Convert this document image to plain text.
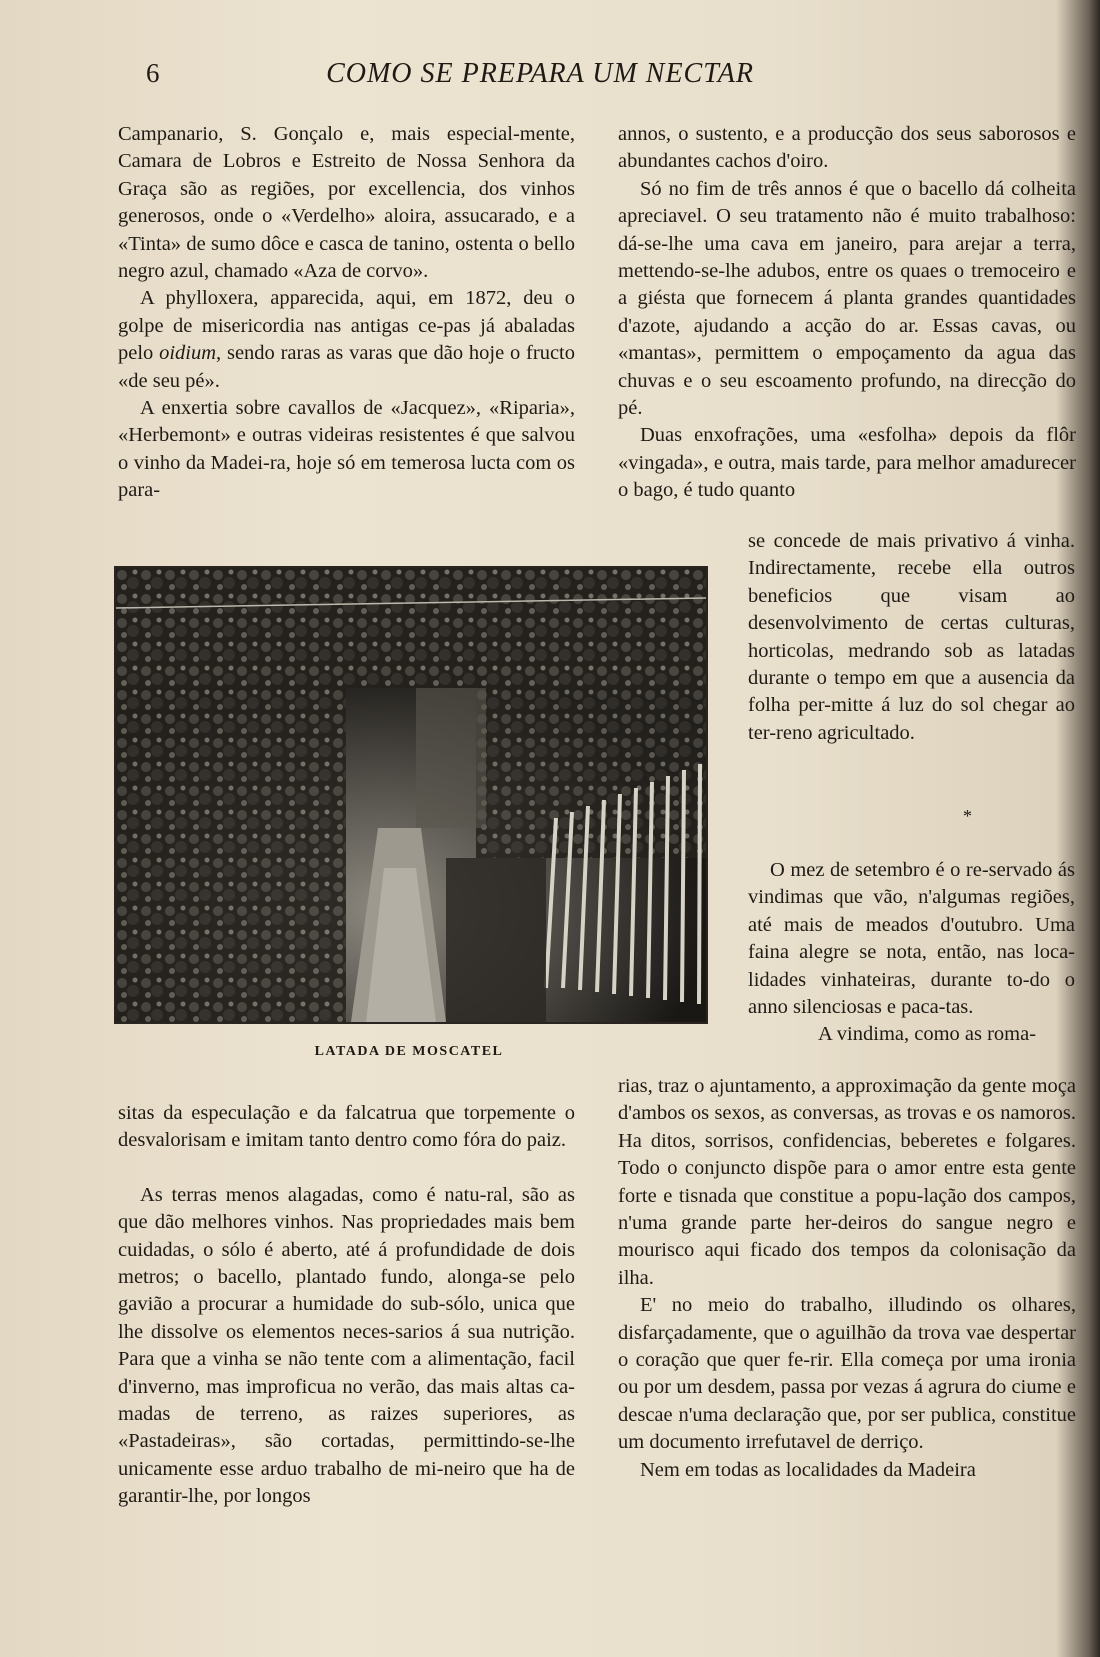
6	COMO SE PREPARA UM NECTAR

Campanario, S. Gonçalo e, mais especial-mente, Camara de Lobros e Estreito de Nossa Senhora da Graça são as regiões, por excellencia, dos vinhos generosos, onde o «Verdelho» aloira, assucarado, e a «Tinta» de sumo dôce e casca de tanino, ostenta o bello negro azul, chamado «Aza de corvo».

A phylloxera, apparecida, aqui, em 1872, deu o golpe de misericordia nas antigas ce-pas já abaladas pelo oidium, sendo raras as varas que dão hoje o fructo «de seu pé».

A enxertia sobre cavallos de «Jacquez», «Riparia», «Herbemont» e outras videiras resistentes é que salvou o vinho da Madei-ra, hoje só em temerosa lucta com os para-

annos, o sustento, e a producção dos seus saborosos e abundantes cachos d'oiro.

Só no fim de três annos é que o bacello dá colheita apreciavel. O seu tratamento não é muito trabalhoso: dá-se-lhe uma cava em janeiro, para arejar a terra, mettendo-se-lhe adubos, entre os quaes o tremoceiro e a giésta que fornecem á planta grandes quantidades d'azote, ajudando a acção do ar. Essas cavas, ou «mantas», permittem o empoçamento da agua das chuvas e o seu escoamento profundo, na direcção do pé.

Duas enxofrações, uma «esfolha» depois da flôr «vingada», e outra, mais tarde, para melhor amadurecer o bago, é tudo quanto

se concede de mais privativo á vinha. Indirectamente, recebe ella outros beneficios que visam ao desenvolvimento de certas culturas, horticolas, medrando sob as latadas durante o tempo em que a ausencia da folha per-mitte á luz do sol chegar ao ter-reno agricultado.

*

O mez de setembro é o re-servado ás vindimas que vão, n'algumas regiões, até mais de meados d'outubro. Uma faina alegre se nota, então, nas loca-lidades vinhateiras, durante to-do o anno silenciosas e paca-tas.

A vindima, como as roma-

rias, traz o ajuntamento, a approximação da gente moça d'ambos os sexos, as conversas, as trovas e os namoros. Ha ditos, sorrisos, confidencias, beberetes e folgares. Todo o conjuncto dispõe para o amor entre esta gente forte e tisnada que constitue a popu-lação dos campos, n'uma grande parte her-deiros do sangue negro e mourisco aqui ficado dos tempos da colonisação da ilha.

E' no meio do trabalho, illudindo os olhares, disfarçadamente, que o aguilhão da trova vae despertar o coração que quer fe-rir. Ella começa por uma ironia ou por um desdem, passa por vezas á agrura do ciume e descae n'uma declaração que, por ser publica, constitue um documento irrefutavel de derriço.

Nem em todas as localidades da Madeira

sitas da especulação e da falcatrua que torpemente o desvalorisam e imitam tanto dentro como fóra do paiz.

As terras menos alagadas, como é natu-ral, são as que dão melhores vinhos. Nas propriedades mais bem cuidadas, o sólo é aberto, até á profundidade de dois metros; o bacello, plantado fundo, alonga-se pelo gavião a procurar a humidade do sub-sólo, unica que lhe dissolve os elementos neces-sarios á sua nutrição. Para que a vinha se não tente com a alimentação, facil d'inverno, mas improficua no verão, das mais altas ca-madas de terreno, as raizes superiores, as «Pastadeiras», são cortadas, permittindo-se-lhe unicamente esse arduo trabalho de mi-neiro que ha de garantir-lhe, por longos

LATADA DE MOSCATEL
